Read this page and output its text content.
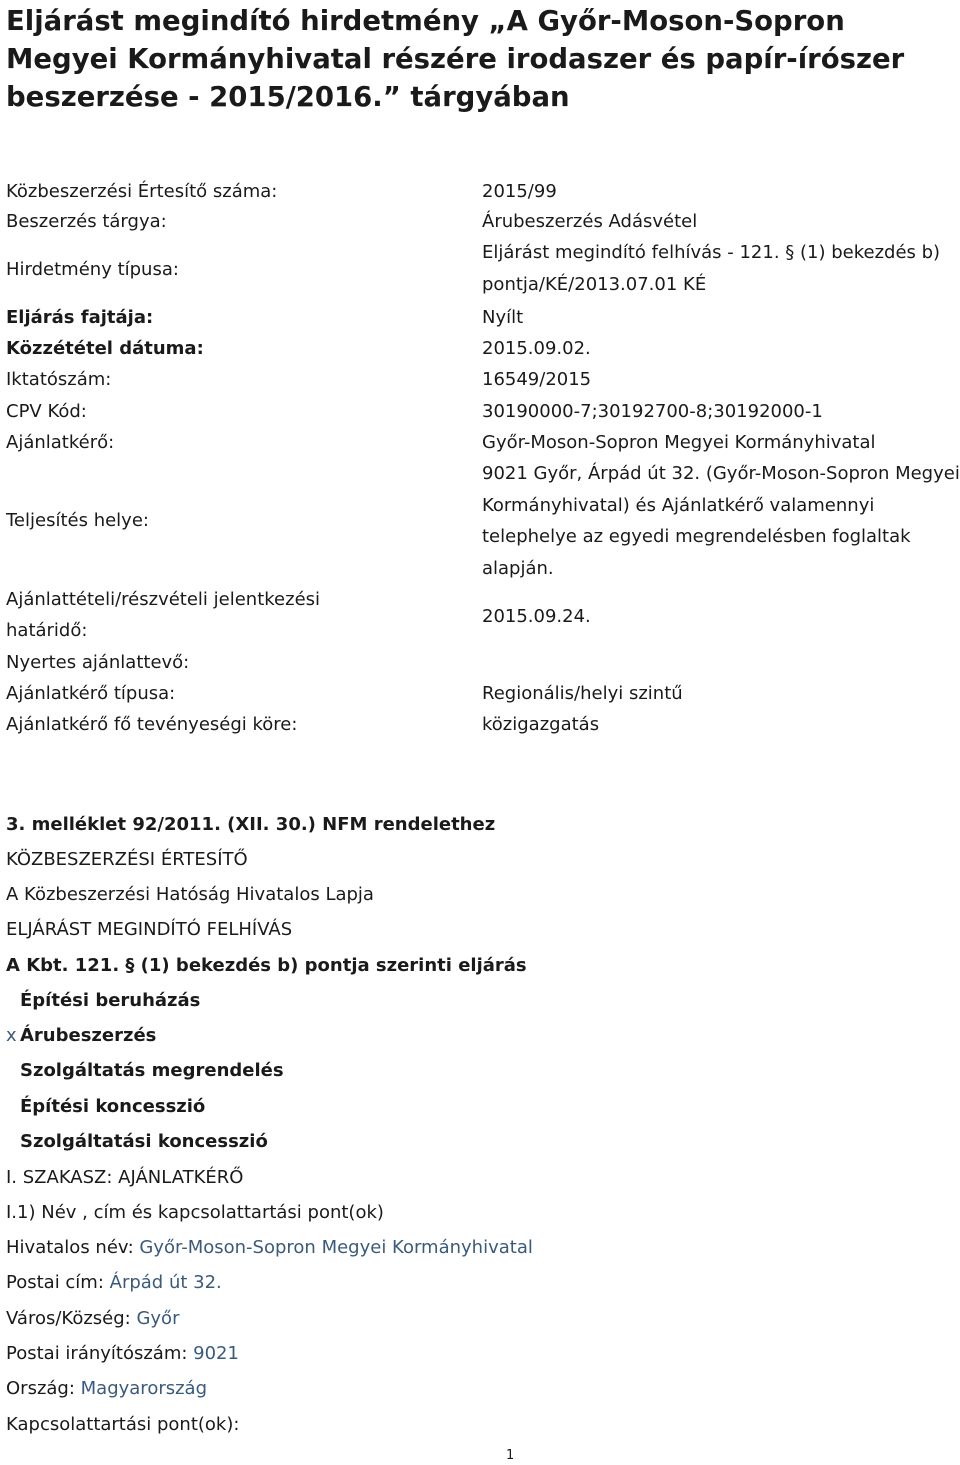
Eljárást megindító hirdetmény „A Győr-Moson-Sopron Megyei Kormányhivatal részére irodaszer és papír-írószer beszerzése - 2015/2016.” tárgyában
Közbeszerzési Értesítő száma:	2015/99
Beszerzés tárgya:	Árubeszerzés Adásvétel
Hirdetmény típusa:
Eljárást megindító felhívás - 121. § (1) bekezdés b)
pontja/KÉ/2013.07.01 KÉ
Eljárás fajtája:	Nyílt
Közzététel dátuma:	2015.09.02.
Iktatószám:	16549/2015
CPV Kód:	30190000-7;30192700-8;30192000-1
Ajánlatkérő:	Győr-Moson-Sopron Megyei Kormányhivatal
Teljesítés helye:
9021 Győr, Árpád út 32. (Győr-Moson-Sopron Megyei
Kormányhivatal) és Ajánlatkérő valamennyi
telephelye az egyedi megrendelésben foglaltak
alapján.
Ajánlattételi/részvételi jelentkezési
határidő:
2015.09.24.
Nyertes ajánlattevő:
Ajánlatkérő típusa:	Regionális/helyi szintű
Ajánlatkérő fő tevényeségi köre:	közigazgatás
3. melléklet 92/2011. (XII. 30.) NFM rendelethez
KÖZBESZERZÉSI ÉRTESÍTŐ
A Közbeszerzési Hatóság Hivatalos Lapja
ELJÁRÁST MEGINDÍTÓ FELHÍVÁS
A Kbt. 121. § (1) bekezdés b) pontja szerinti eljárás
Építési beruházás
x Árubeszerzés
Szolgáltatás megrendelés
Építési koncesszió
Szolgáltatási koncesszió
I. SZAKASZ: AJÁNLATKÉRŐ
I.1) Név , cím és kapcsolattartási pont(ok)
Hivatalos név: Győr-Moson-Sopron Megyei Kormányhivatal
Postai cím: Árpád út 32.
Város/Község: Győr
Postai irányítószám: 9021
Ország: Magyarország
Kapcsolattartási pont(ok):
1
